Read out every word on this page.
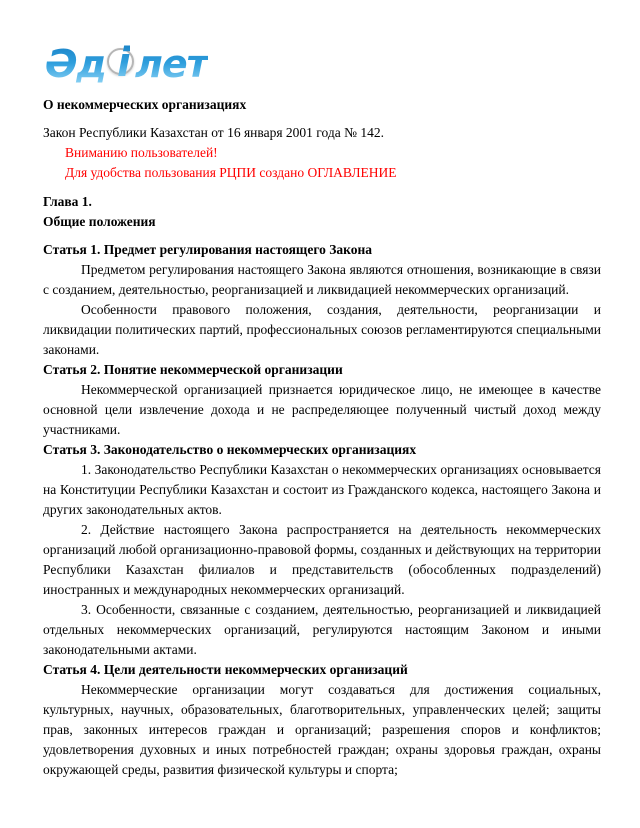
Әд і лет
О некоммерческих организациях

Закон Республики Казахстан от 16 января 2001 года № 142.

Вниманию пользователей!

Для удобства пользования РЦПИ создано ОГЛАВЛЕНИЕ

Глава 1.

Общие положения

Статья 1. Предмет регулирования настоящего Закона

Предметом регулирования настоящего Закона являются отношения, возникающие в связи с созданием, деятельностью, реорганизацией и ликвидацией некоммерческих организаций.

Особенности правового положения, создания, деятельности, реорганизации и ликвидации политических партий, профессиональных союзов регламентируются специальными законами.

Статья 2. Понятие некоммерческой организации

Некоммерческой организацией признается юридическое лицо, не имеющее в качестве основной цели извлечение дохода и не распределяющее полученный чистый доход между участниками.

Статья 3. Законодательство о некоммерческих организациях

1. Законодательство Республики Казахстан о некоммерческих организациях основывается на Конституции Республики Казахстан и состоит из Гражданского кодекса, настоящего Закона и других законодательных актов.

2. Действие настоящего Закона распространяется на деятельность некоммерческих организаций любой организационно-правовой формы, созданных и действующих на территории Республики Казахстан филиалов и представительств (обособленных подразделений) иностранных и международных некоммерческих организаций.

3. Особенности, связанные с созданием, деятельностью, реорганизацией и ликвидацией отдельных некоммерческих организаций, регулируются настоящим Законом и иными законодательными актами.

Статья 4. Цели деятельности некоммерческих организаций

Некоммерческие организации могут создаваться для достижения социальных, культурных, научных, образовательных, благотворительных, управленческих целей; защиты прав, законных интересов граждан и организаций; разрешения споров и конфликтов; удовлетворения духовных и иных потребностей граждан; охраны здоровья граждан, охраны окружающей среды, развития физической культуры и спорта;
